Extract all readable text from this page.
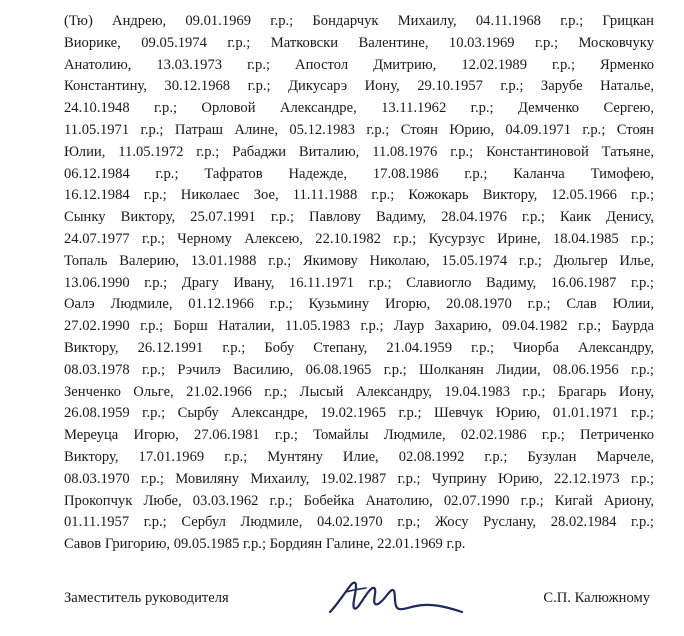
(Тю) Андрею, 09.01.1969 г.р.; Бондарчук Михаилу, 04.11.1968 г.р.; Грицкан
Виорике, 09.05.1974 г.р.; Матковски Валентине, 10.03.1969 г.р.; Московчуку
Анатолию, 13.03.1973 г.р.; Апостол Дмитрию, 12.02.1989 г.р.; Ярменко
Константину, 30.12.1968 г.р.; Дикусарэ Иону, 29.10.1957 г.р.; Зарубе Натальe,
24.10.1948 г.р.; Орловой Александре, 13.11.1962 г.р.; Демченко Сергею,
11.05.1971 г.р.; Патраш Алине, 05.12.1983 г.р.; Стоян Юрию, 04.09.1971 г.р.; Стоян
Юлии, 11.05.1972 г.р.; Рабаджи Виталию, 11.08.1976 г.р.; Константиновой Татьяне,
06.12.1984 г.р.; Тафратов Надежде, 17.08.1986 г.р.; Каланча Тимофею,
16.12.1984 г.р.; Николаес Зое, 11.11.1988 г.р.; Кожокарь Виктору, 12.05.1966 г.р.;
Сынку Виктору, 25.07.1991 г.р.; Павлову Вадиму, 28.04.1976 г.р.; Каик Денису,
24.07.1977 г.р.; Черному Алексею, 22.10.1982 г.р.; Кусурзус Ирине, 18.04.1985 г.р.;
Топаль Валерию, 13.01.1988 г.р.; Якимову Николаю, 15.05.1974 г.р.; Дюльгер Илье,
13.06.1990 г.р.; Драгу Ивану, 16.11.1971 г.р.; Славиогло Вадиму, 16.06.1987 г.р.;
Оалэ Людмиле, 01.12.1966 г.р.; Кузьмину Игорю, 20.08.1970 г.р.; Слав Юлии,
27.02.1990 г.р.; Борш Наталии, 11.05.1983 г.р.; Лаур Захарию, 09.04.1982 г.р.; Баурда
Виктору, 26.12.1991 г.р.; Бобу Степану, 21.04.1959 г.р.; Чиорба Александру,
08.03.1978 г.р.; Рэчилэ Василию, 06.08.1965 г.р.; Шолканян Лидии, 08.06.1956 г.р.;
Зенченко Ольге, 21.02.1966 г.р.; Лысый Александру, 19.04.1983 г.р.; Брагарь Иону,
26.08.1959 г.р.; Сырбу Александре, 19.02.1965 г.р.; Шевчук Юрию, 01.01.1971 г.р.;
Мереуца Игорю, 27.06.1981 г.р.; Томайлы Людмиле, 02.02.1986 г.р.; Петриченко
Виктору, 17.01.1969 г.р.; Мунтяну Илие, 02.08.1992 г.р.; Бузулан Марчеле,
08.03.1970 г.р.; Мовиляну Михаилу, 19.02.1987 г.р.; Чуприну Юрию, 22.12.1973 г.р.;
Прокопчук Любе, 03.03.1962 г.р.; Бобейка Анатолию, 02.07.1990 г.р.; Кигай Ариону,
01.11.1957 г.р.; Сербул Людмиле, 04.02.1970 г.р.; Жосу Руслану, 28.02.1984 г.р.;
Савов Григорию, 09.05.1985 г.р.; Бордиян Галине, 22.01.1969 г.р.
Заместитель руководителя	С.П. Калюжному
